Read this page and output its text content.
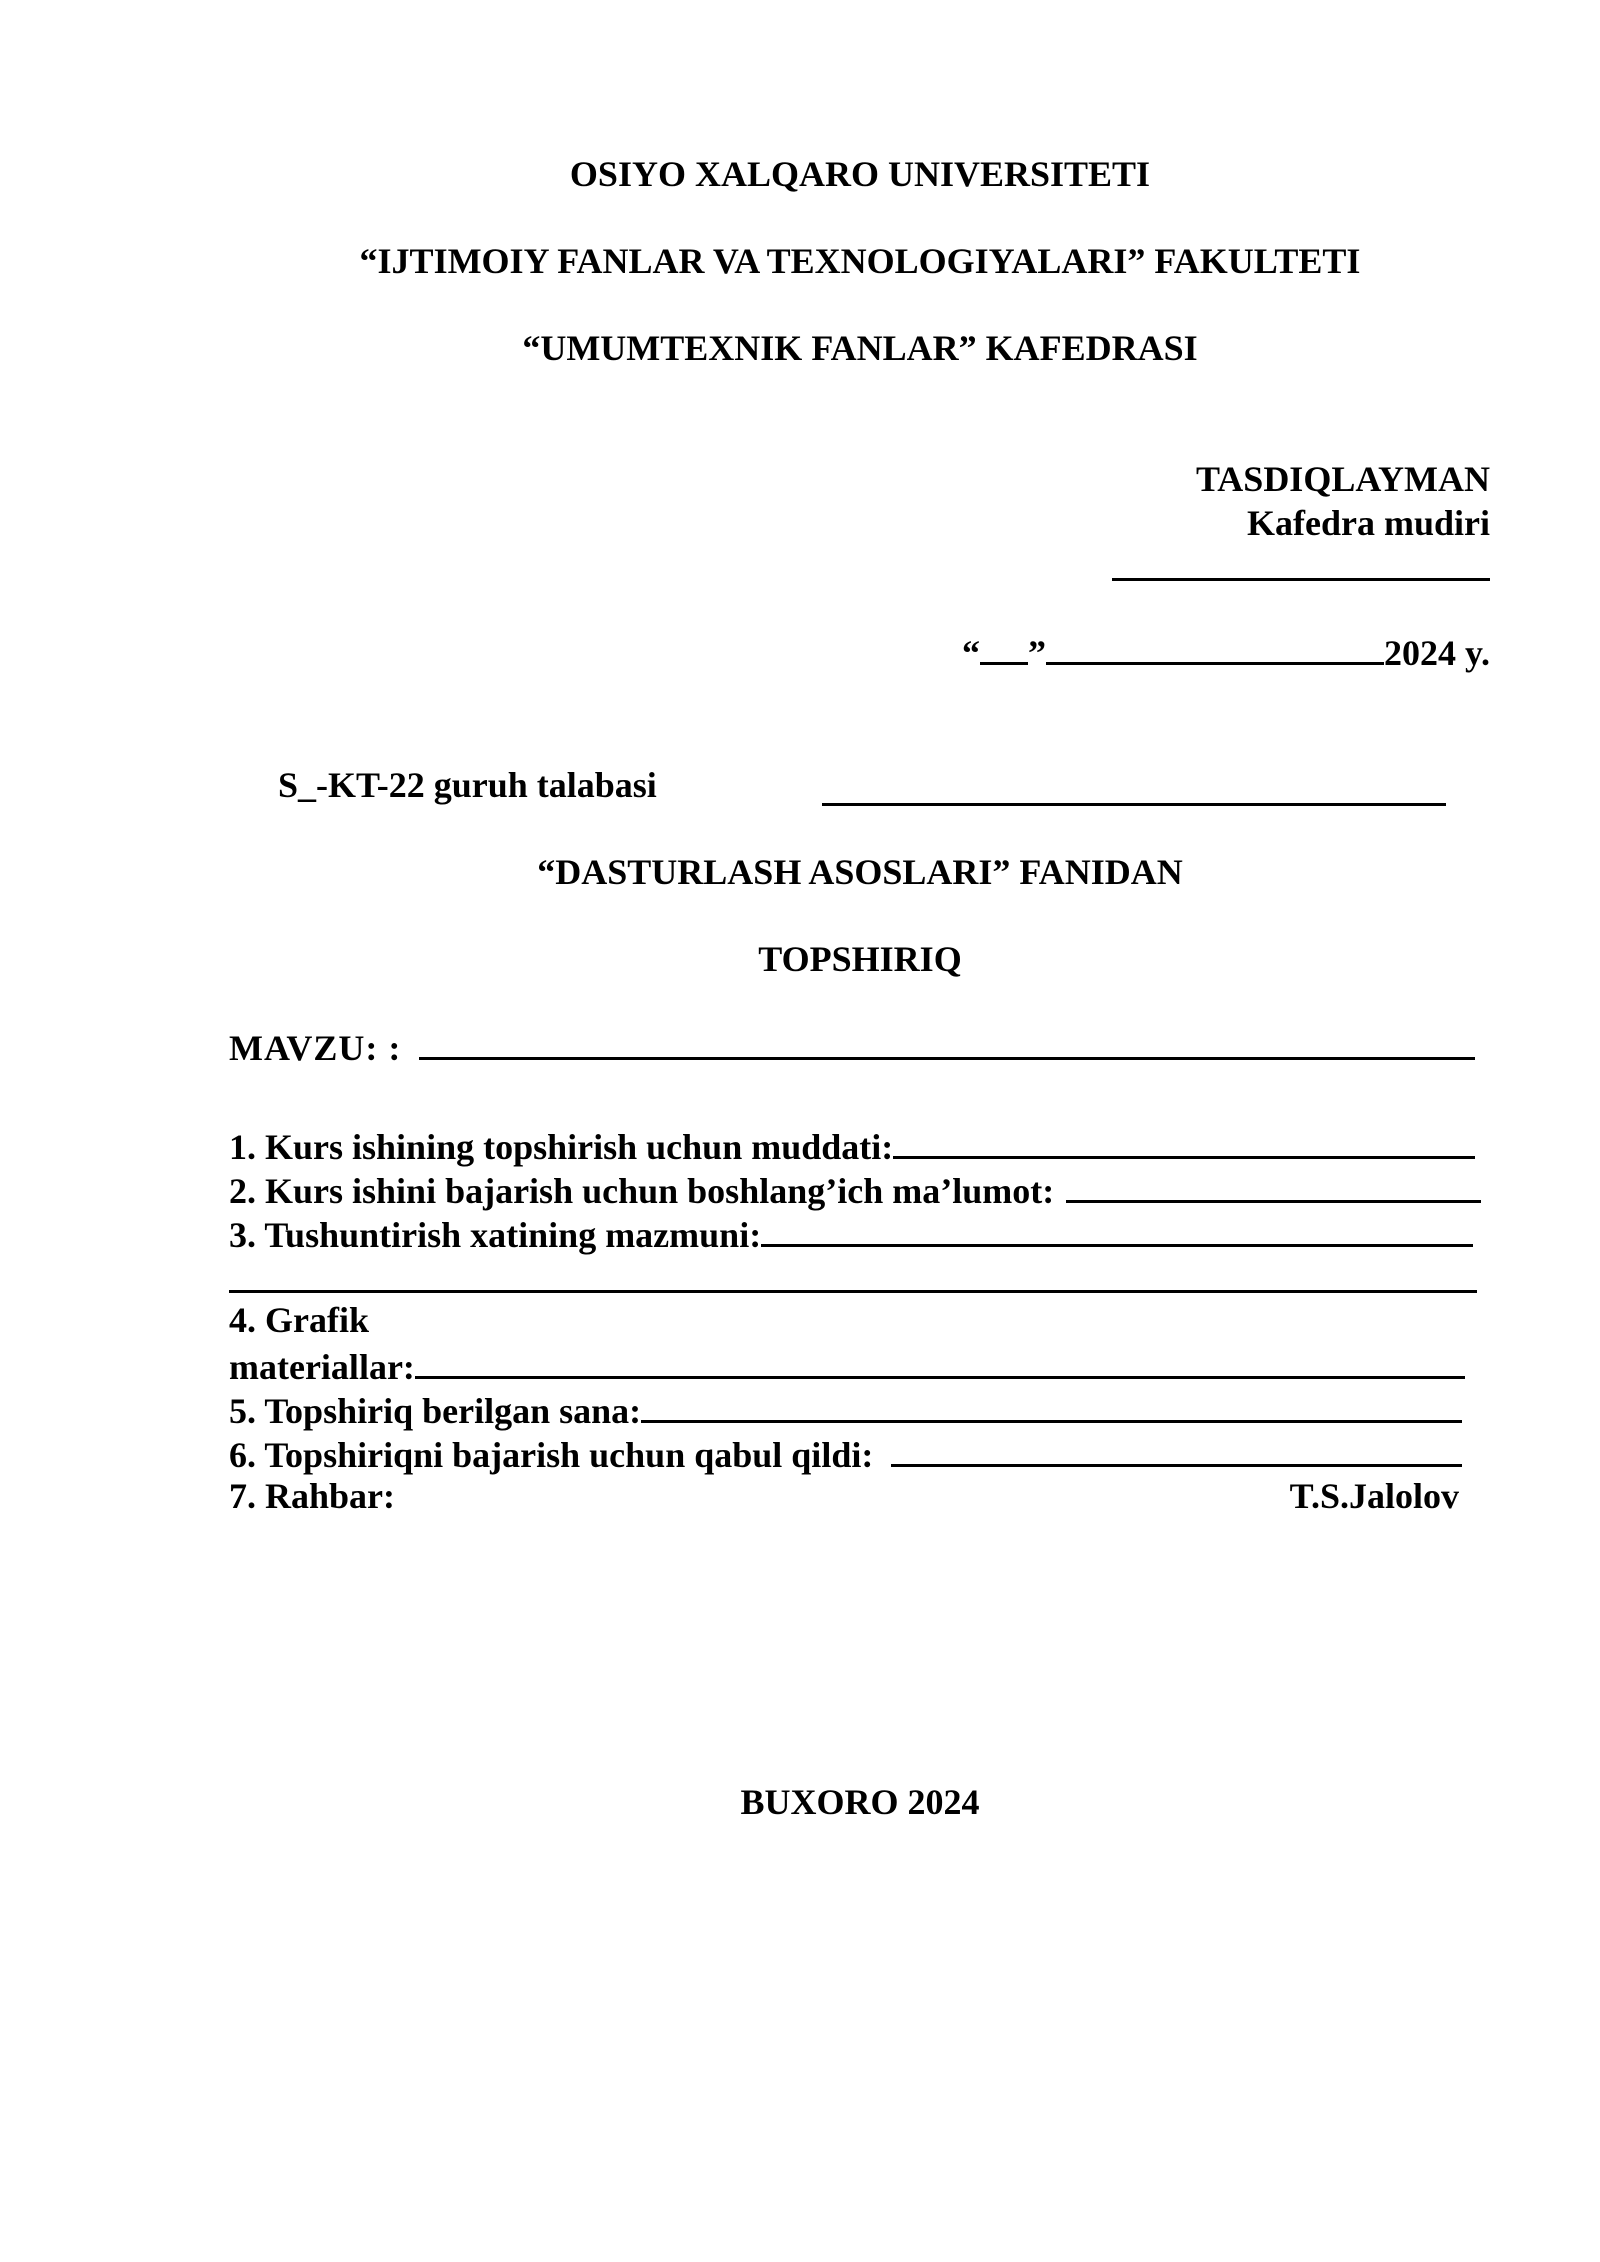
OSIYO XALQARO UNIVERSITETI
“IJTIMOIY FANLAR VA TEXNOLOGIYALARI” FAKULTETI
“UMUMTEXNIK FANLAR” KAFEDRASI
TASDIQLAYMAN
Kafedra mudiri
“ ”	2024 y.
S_-KT-22 guruh talabasi
“DASTURLASH ASOSLARI” FANIDAN
TOPSHIRIQ
MAVZU: :
1. Kurs ishining topshirish uchun muddati:
2. Kurs ishini bajarish uchun boshlang’ich ma’lumot:
3. Tushuntirish xatining mazmuni:
4. Grafik
materiallar:
5. Topshiriq berilgan sana:
6. Topshiriqni bajarish uchun qabul qildi:
7. Rahbar:	T.S.Jalolov
BUXORO 2024
